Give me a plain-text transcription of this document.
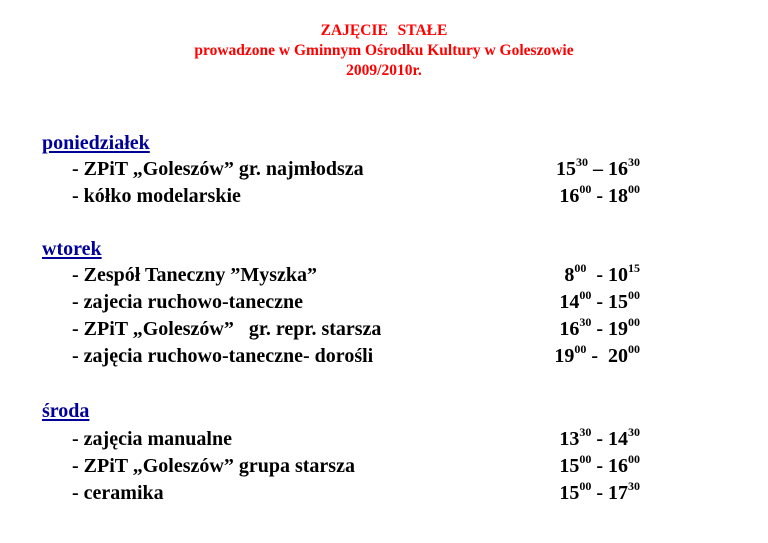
ZAJĘCIE STAŁE
prowadzone w Gminnym Ośrodku Kultury w Goleszowie
2009/2010r.
poniedziałek
- ZPiT „Goleszów” gr. najmłodsza	$15^{30} - 16^{30}$
- kółko modelarskie	$16^{00} - 18^{00}$
wtorek
- Zespół Taneczny ”Myszka”	$8^{00} - 10^{15}$
- zajecia ruchowo-taneczne	$14^{00} - 15^{00}$
- ZPiT „Goleszów”   gr. repr. starsza	$16^{30} - 19^{00}$
- zajęcia ruchowo-taneczne- dorośli	$19^{00} - 20^{00}$
środa
- zajęcia manualne	$13^{30} - 14^{30}$
- ZPiT „Goleszów” grupa starsza	$15^{00} - 16^{00}$
- ceramika	$15^{00} - 17^{30}$
